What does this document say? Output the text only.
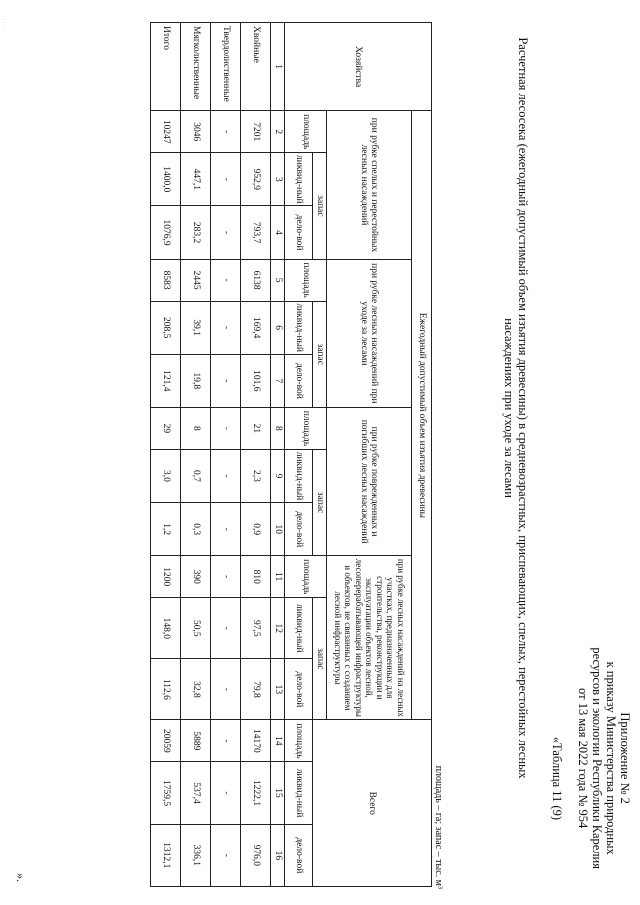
Приложение № 2
к приказу Министерства природных
ресурсов и экологии Республики Карелия
от 13 мая 2022 года № 954
«Таблица 11 (9)
Расчетная лесосека (ежегодный допустимый объем изъятия древесины) в средневозрастных, приспевающих, спелых, перестойных лесных
насаждениях при уходе за лесами
площадь – га; запас – тыс. м³
Хозяйства	Ежегодный допустимый объем изъятия древесины												Всего		
	при рубке спелых и перестойных лесных насаждений			при рубке лесных насаждений при уходе за лесами			при рубке поврежденных и погибших лесных насаждений			при рубке лесных насаждений на лесных участках, предназначенных для строительства, реконструкции и эксплуатации объектов лесной, лесоперерабатывающей инфраструктуры и объектов, не связанных с созданием лесной инфраструктуры					
	площадь	запас		площадь	запас		площадь	запас		площадь	запас				
		ликвид-ный	дело-вой		ликвид-ный	дело-вой		ликвид-ный	дело-вой		ликвид-ный	дело-вой	площадь	ликвид-ный	дело-вой
1	2	3	4	5	6	7	8	9	10	11	12	13	14	15	16
Хвойные	7201	952,9	793,7	6138	169,4	101,6	21	2,3	0,9	810	97,5	79,8	14170	1222,1	976,0
Твердолиственные	-	-	-	-	-	-	-	-	-	-	-	-	-	-	-
Мягколиственные	3046	447,1	283,2	2445	39,1	19,8	8	0,7	0,3	390	50,5	32,8	5889	537,4	336,1
Итого	10247	1400,0	1076,9	8583	208,5	121,4	29	3,0	1,2	1200	148,0	112,6	20059	1759,5	1312,1
».
· · ·
